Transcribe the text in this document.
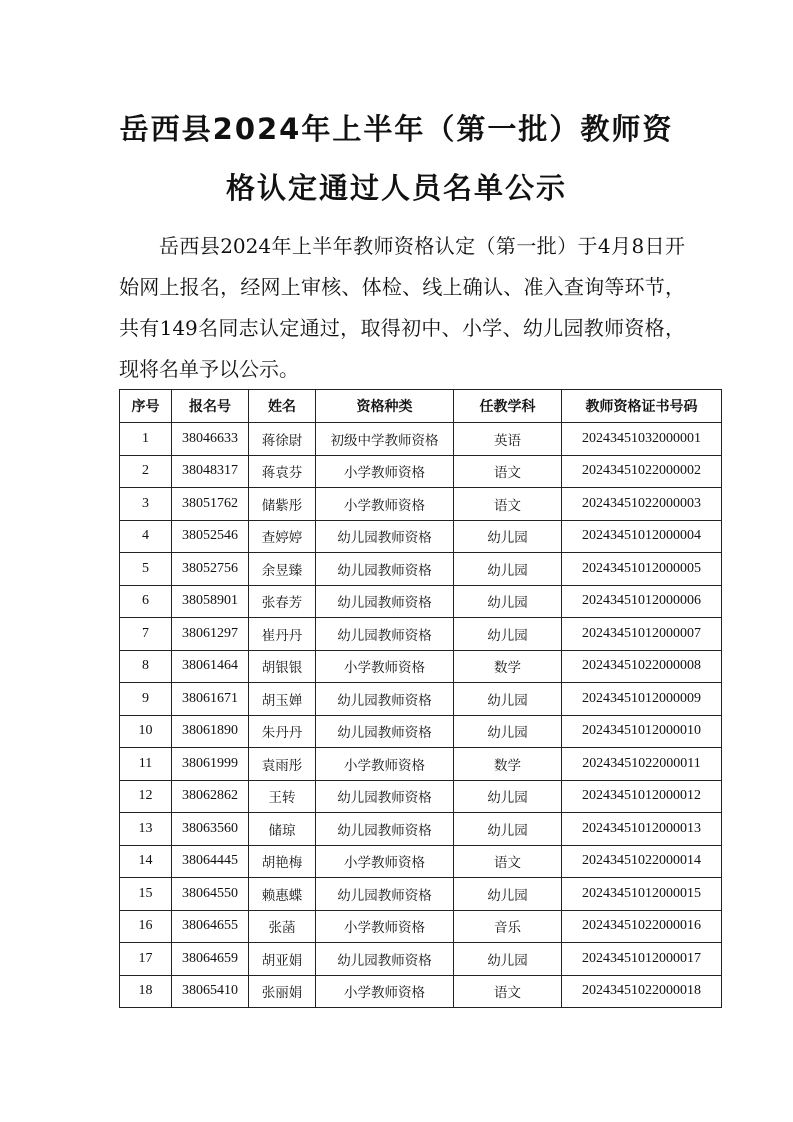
岳西县2024年上半年（第一批）教师资
格认定通过人员名单公示

岳西县2024年上半年教师资格认定（第一批）于4月8日开始网上报名，经网上审核、体检、线上确认、准入查询等环节，共有149名同志认定通过，取得初中、小学、幼儿园教师资格，现将名单予以公示。

序号	报名号	姓名	资格种类	任教学科	教师资格证书号码
1	38046633	蒋徐尉	初级中学教师资格	英语	20243451032000001
2	38048317	蒋袁芬	小学教师资格	语文	20243451022000002
3	38051762	储紫彤	小学教师资格	语文	20243451022000003
4	38052546	查婷婷	幼儿园教师资格	幼儿园	20243451012000004
5	38052756	余昱臻	幼儿园教师资格	幼儿园	20243451012000005
6	38058901	张春芳	幼儿园教师资格	幼儿园	20243451012000006
7	38061297	崔丹丹	幼儿园教师资格	幼儿园	20243451012000007
8	38061464	胡银银	小学教师资格	数学	20243451022000008
9	38061671	胡玉婵	幼儿园教师资格	幼儿园	20243451012000009
10	38061890	朱丹丹	幼儿园教师资格	幼儿园	20243451012000010
11	38061999	袁雨彤	小学教师资格	数学	20243451022000011
12	38062862	王转	幼儿园教师资格	幼儿园	20243451012000012
13	38063560	储琼	幼儿园教师资格	幼儿园	20243451012000013
14	38064445	胡艳梅	小学教师资格	语文	20243451022000014
15	38064550	赖惠蝶	幼儿园教师资格	幼儿园	20243451012000015
16	38064655	张菡	小学教师资格	音乐	20243451022000016
17	38064659	胡亚娟	幼儿园教师资格	幼儿园	20243451012000017
18	38065410	张丽娟	小学教师资格	语文	20243451022000018
